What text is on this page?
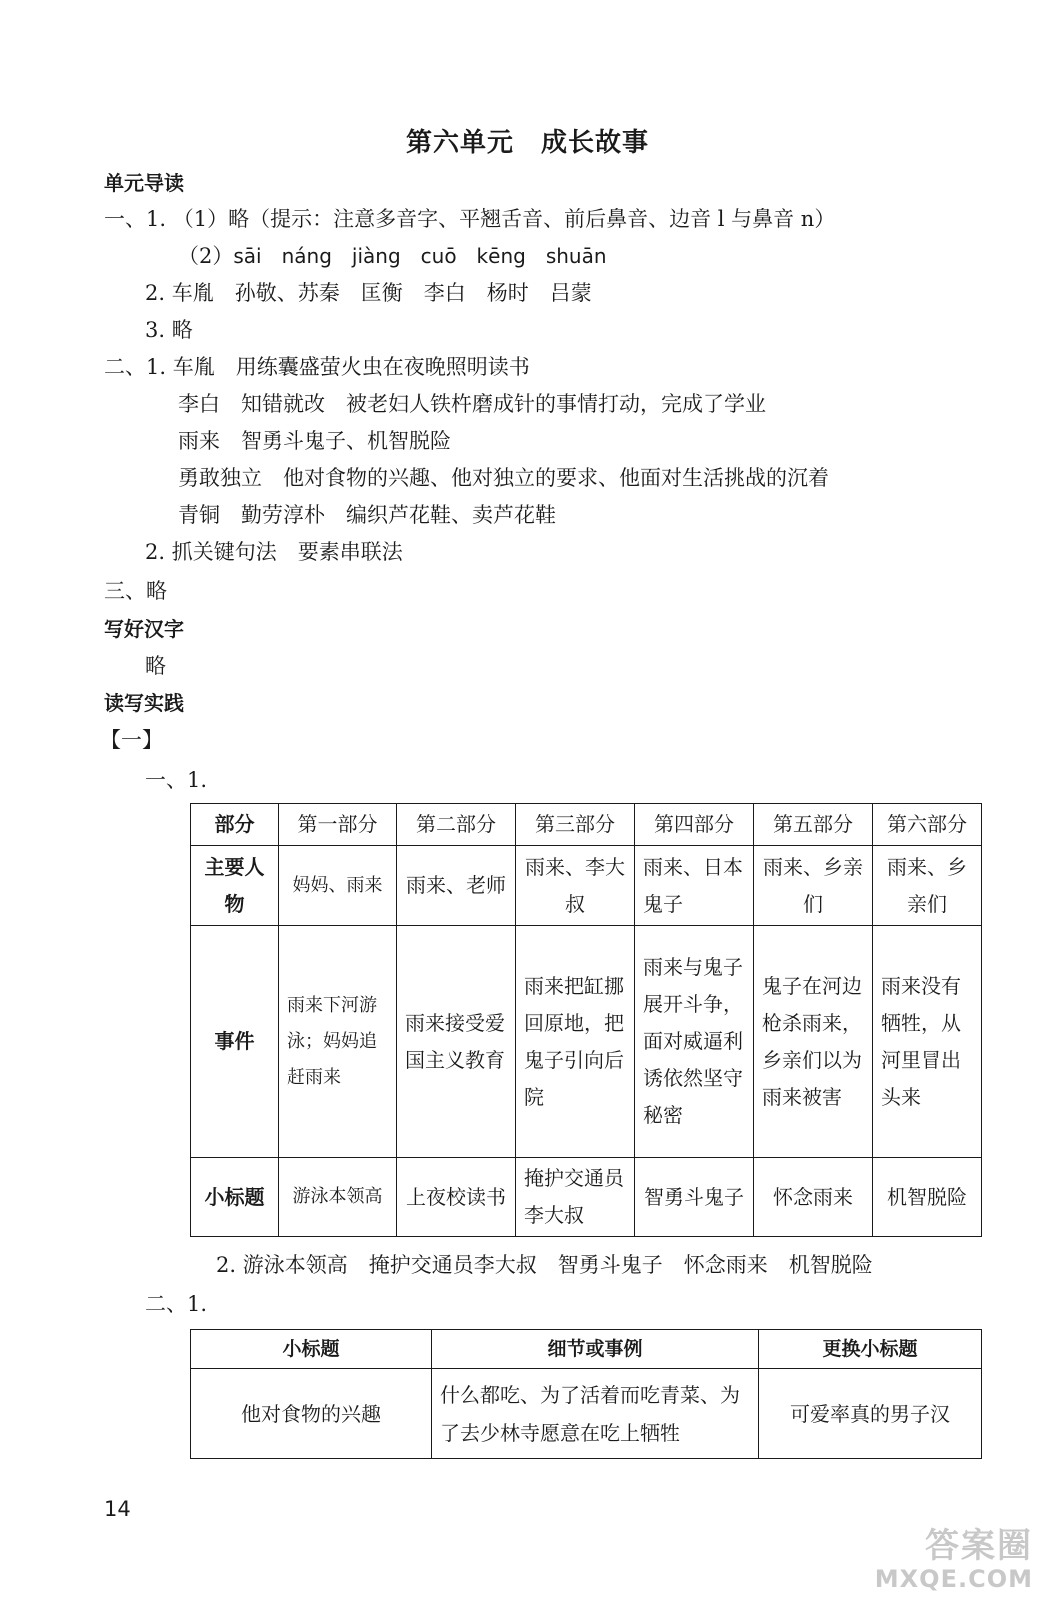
第六单元　成长故事
单元导读
一、1. （1）略（提示：注意多音字、平翘舌音、前后鼻音、边音 l 与鼻音 n）
（2）sāi　náng　jiàng　cuō　kēng　shuān
2. 车胤　孙敬、苏秦　匡衡　李白　杨时　吕蒙
3. 略
二、1. 车胤　用练囊盛萤火虫在夜晚照明读书
李白　知错就改　被老妇人铁杵磨成针的事情打动，完成了学业
雨来　智勇斗鬼子、机智脱险
勇敢独立　他对食物的兴趣、他对独立的要求、他面对生活挑战的沉着
青铜　勤劳淳朴　编织芦花鞋、卖芦花鞋
2. 抓关键句法　要素串联法
三、略
写好汉字
略
读写实践
【一】
一、1.
部分	第一部分	第二部分	第三部分	第四部分	第五部分	第六部分
主要人物	妈妈、雨来	雨来、老师	雨来、李大叔	雨来、日本鬼子	雨来、乡亲们	雨来、乡亲们
事件	雨来下河游泳；妈妈追赶雨来	雨来接受爱国主义教育	雨来把缸挪回原地，把鬼子引向后院	雨来与鬼子展开斗争，面对威逼利诱依然坚守秘密	鬼子在河边枪杀雨来，乡亲们以为雨来被害	雨来没有牺牲，从河里冒出头来
小标题	游泳本领高	上夜校读书	掩护交通员李大叔	智勇斗鬼子	怀念雨来	机智脱险
2. 游泳本领高　掩护交通员李大叔　智勇斗鬼子　怀念雨来　机智脱险
二、1.
小标题	细节或事例	更换小标题
他对食物的兴趣	什么都吃、为了活着而吃青菜、为了去少林寺愿意在吃上牺牲	可爱率真的男子汉
14
答案圈
MXQE.COM
